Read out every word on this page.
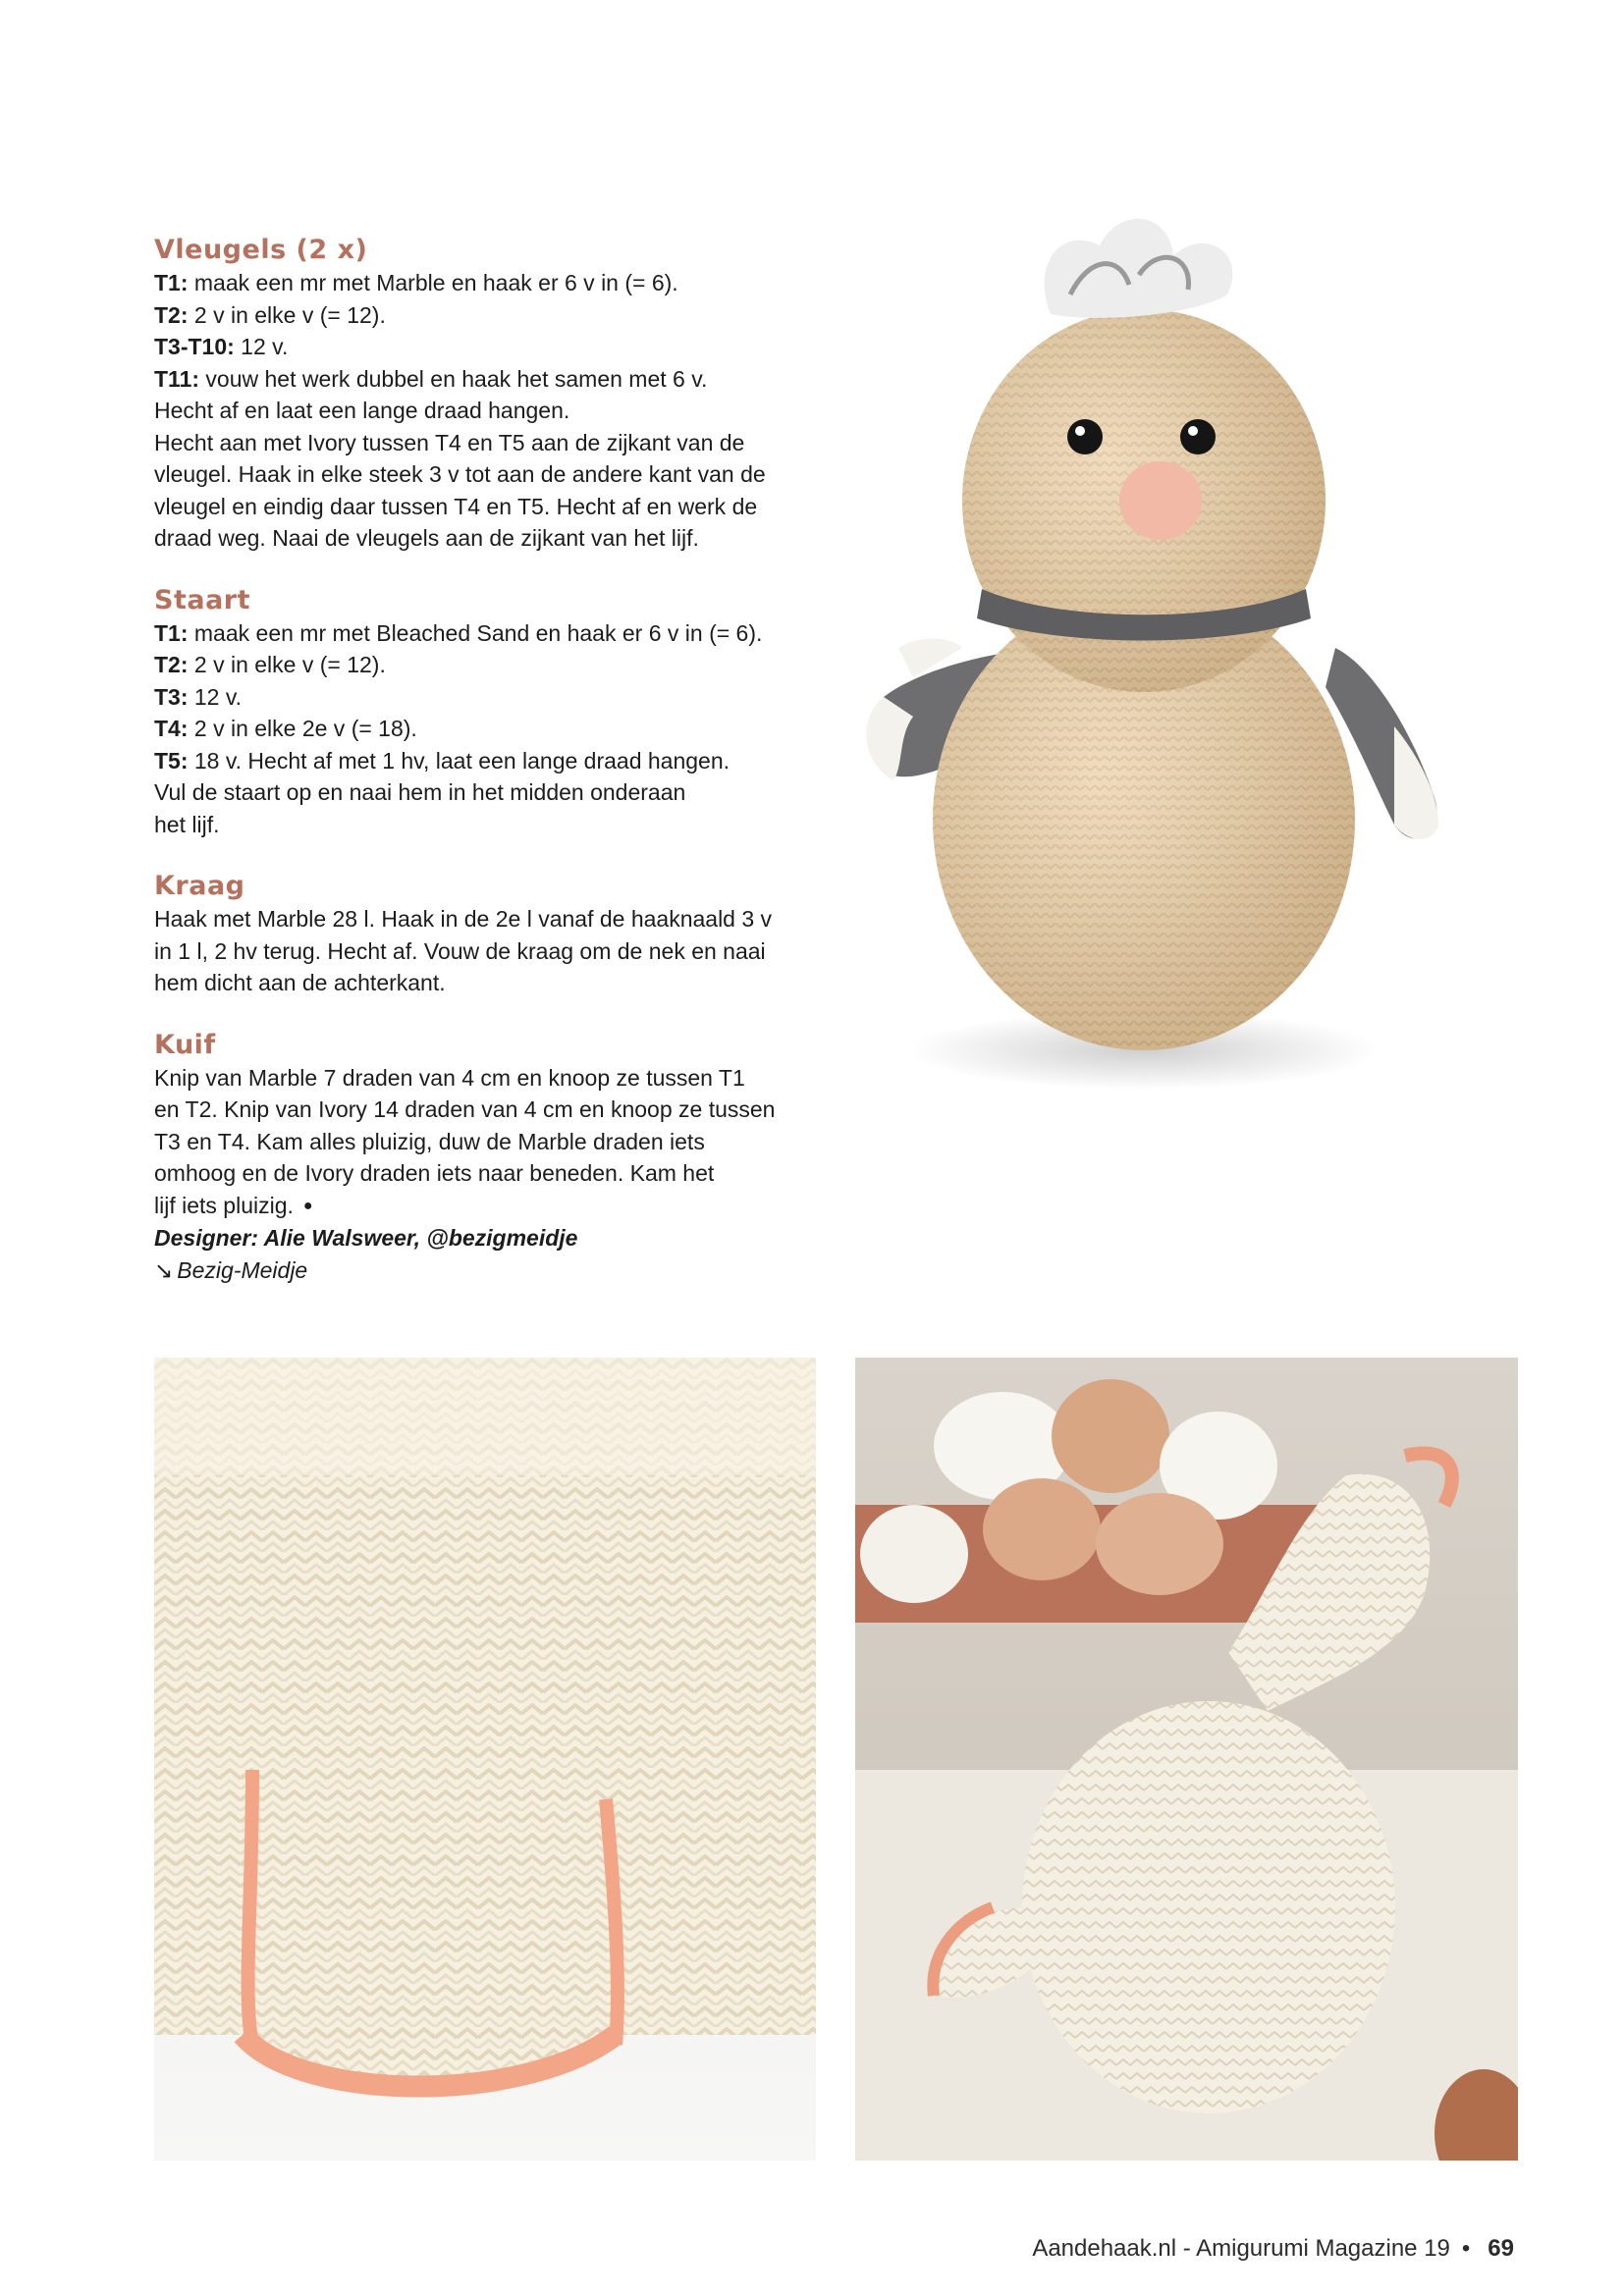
Vleugels (2 x)
T1: maak een mr met Marble en haak er 6 v in (= 6).
T2: 2 v in elke v (= 12).
T3-T10: 12 v.
T11: vouw het werk dubbel en haak het samen met 6 v.
Hecht af en laat een lange draad hangen.
Hecht aan met Ivory tussen T4 en T5 aan de zijkant van de
vleugel. Haak in elke steek 3 v tot aan de andere kant van de
vleugel en eindig daar tussen T4 en T5. Hecht af en werk de
draad weg. Naai de vleugels aan de zijkant van het lijf.
Staart
T1: maak een mr met Bleached Sand en haak er 6 v in (= 6).
T2: 2 v in elke v (= 12).
T3: 12 v.
T4: 2 v in elke 2e v (= 18).
T5: 18 v. Hecht af met 1 hv, laat een lange draad hangen.
Vul de staart op en naai hem in het midden onderaan
het lijf.
Kraag
Haak met Marble 28 l. Haak in de 2e l vanaf de haaknaald 3 v
in 1 l, 2 hv terug. Hecht af. Vouw de kraag om de nek en naai
hem dicht aan de achterkant.
Kuif
Knip van Marble 7 draden van 4 cm en knoop ze tussen T1
en T2. Knip van Ivory 14 draden van 4 cm en knoop ze tussen
T3 en T4. Kam alles pluizig, duw de Marble draden iets
omhoog en de Ivory draden iets naar beneden. Kam het
lijf iets pluizig. ●
Designer: Alie Walsweer, @bezigmeidje
↘ Bezig-Meidje
Aandehaak.nl - Amigurumi Magazine 19 • 69
